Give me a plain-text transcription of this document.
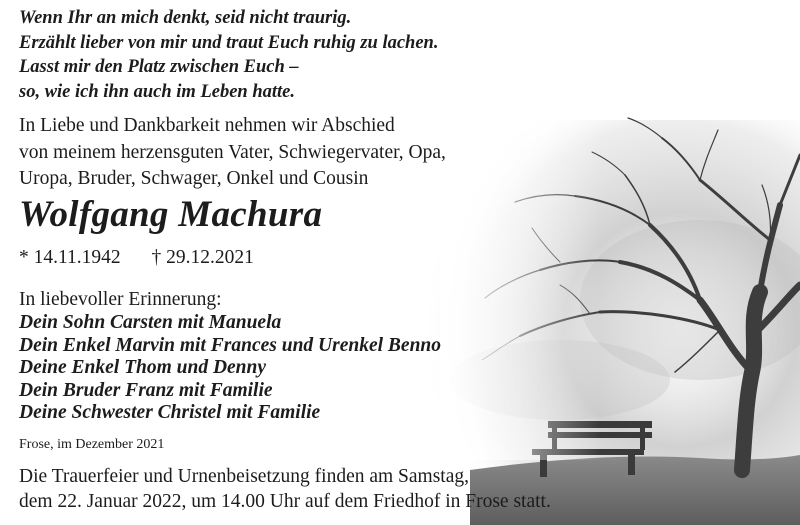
Wenn Ihr an mich denkt, seid nicht traurig.
Erzählt lieber von mir und traut Euch ruhig zu lachen.
Lasst mir den Platz zwischen Euch –
so, wie ich ihn auch im Leben hatte.
In Liebe und Dankbarkeit nehmen wir Abschied
von meinem herzensguten Vater, Schwiegervater, Opa,
Uropa, Bruder, Schwager, Onkel und Cousin
Wolfgang Machura
* 14.11.1942 † 29.12.2021
In liebevoller Erinnerung:
Dein Sohn Carsten mit Manuela
Dein Enkel Marvin mit Frances und Urenkel Benno
Deine Enkel Thom und Denny
Dein Bruder Franz mit Familie
Deine Schwester Christel mit Familie
Frose, im Dezember 2021
Die Trauerfeier und Urnenbeisetzung finden am Samstag,
dem 22. Januar 2022, um 14.00 Uhr auf dem Friedhof in Frose statt.
